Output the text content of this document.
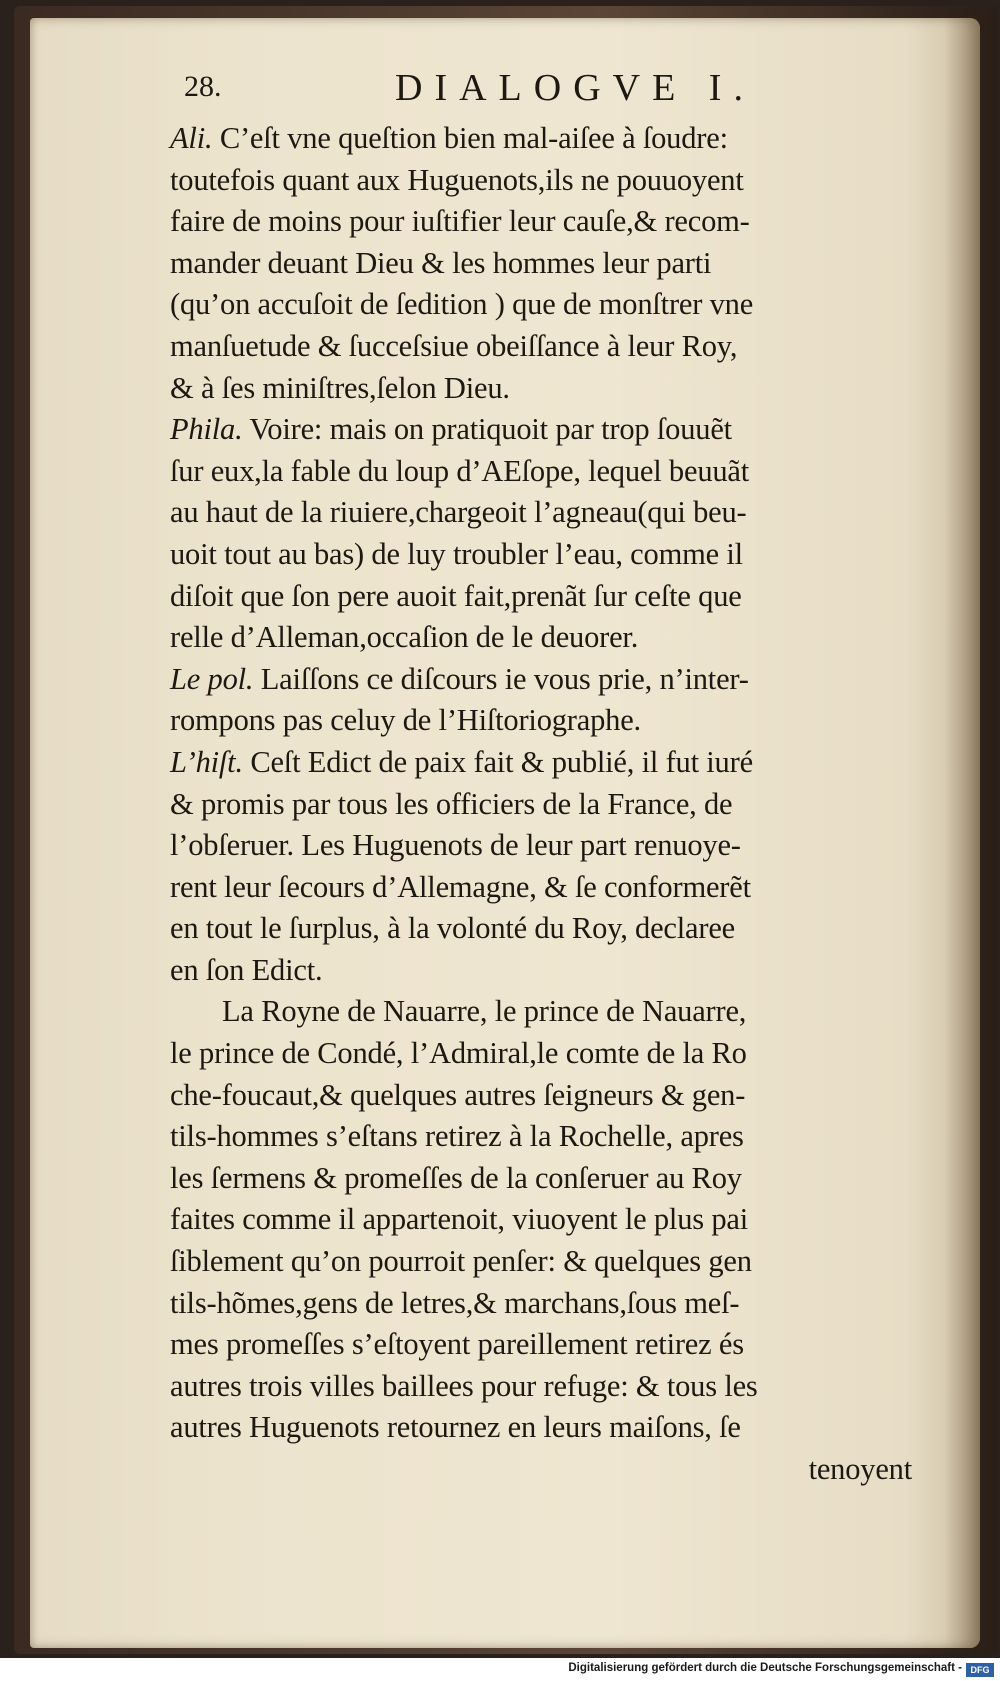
28.	DIALOGVE I.
Ali. C’eſt vne queſtion bien mal-aiſee à ſoudre:
toutefois quant aux Huguenots,ils ne pouuoyent
faire de moins pour iuſtifier leur cauſe,& recom-
mander deuant Dieu & les hommes leur parti
(qu’on accuſoit de ſedition ) que de monſtrer vne
manſuetude & ſucceſsiue obeiſſance à leur Roy,
& à ſes miniſtres,ſelon Dieu.
Phila. Voire: mais on pratiquoit par trop ſouuẽt
ſur eux,la fable du loup d’AEſope, lequel beuuãt
au haut de la riuiere,chargeoit l’agneau(qui beu-
uoit tout au bas) de luy troubler l’eau, comme il
diſoit que ſon pere auoit fait,prenãt ſur ceſte que
relle d’Alleman,occaſion de le deuorer.
Le pol. Laiſſons ce diſcours ie vous prie, n’inter-
rompons pas celuy de l’Hiſtoriographe.
L’hiſt. Ceſt Edict de paix fait & publié, il fut iuré
& promis par tous les officiers de la France, de
l’obſeruer. Les Huguenots de leur part renuoye-
rent leur ſecours d’Allemagne, & ſe conformerẽt
en tout le ſurplus, à la volonté du Roy, declaree
en ſon Edict.
La Royne de Nauarre, le prince de Nauarre,
le prince de Condé, l’Admiral,le comte de la Ro
che-foucaut,& quelques autres ſeigneurs & gen-
tils-hommes s’eſtans retirez à la Rochelle, apres
les ſermens & promeſſes de la conſeruer au Roy
faites comme il appartenoit, viuoyent le plus pai
ſiblement qu’on pourroit penſer: & quelques gen
tils-hõmes,gens de letres,& marchans,ſous meſ-
mes promeſſes s’eſtoyent pareillement retirez és
autres trois villes baillees pour refuge: & tous les
autres Huguenots retournez en leurs maiſons, ſe
tenoyent
Digitalisierung gefördert durch die Deutsche Forschungsgemeinschaft - DFG
